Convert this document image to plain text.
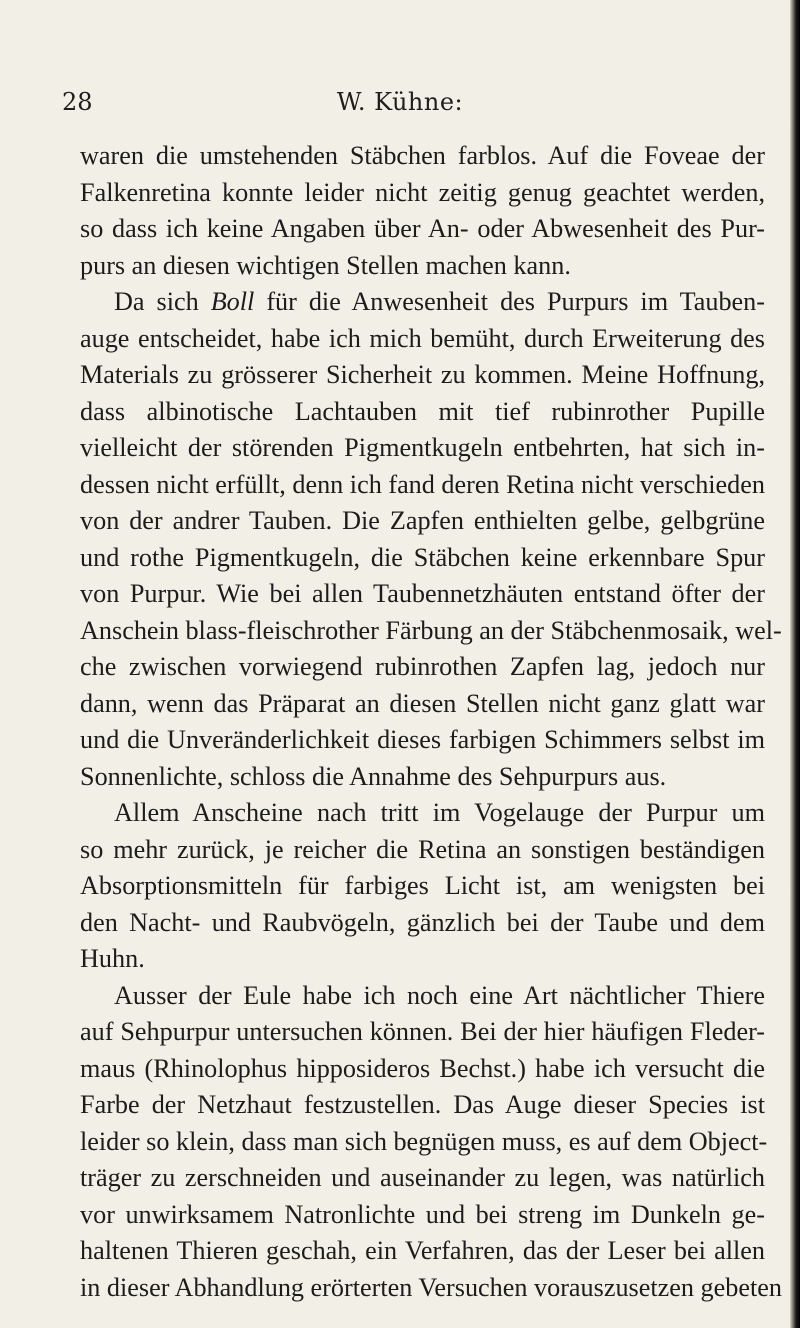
28	W. Kühne:
waren die umstehenden Stäbchen farblos. Auf die Foveae der
Falkenretina konnte leider nicht zeitig genug geachtet werden,
so dass ich keine Angaben über An- oder Abwesenheit des Pur-
purs an diesen wichtigen Stellen machen kann.
Da sich Boll für die Anwesenheit des Purpurs im Tauben-
auge entscheidet, habe ich mich bemüht, durch Erweiterung des
Materials zu grösserer Sicherheit zu kommen. Meine Hoffnung,
dass albinotische Lachtauben mit tief rubinrother Pupille
vielleicht der störenden Pigmentkugeln entbehrten, hat sich in-
dessen nicht erfüllt, denn ich fand deren Retina nicht verschieden
von der andrer Tauben. Die Zapfen enthielten gelbe, gelbgrüne
und rothe Pigmentkugeln, die Stäbchen keine erkennbare Spur
von Purpur. Wie bei allen Taubennetzhäuten entstand öfter der
Anschein blass-fleischrother Färbung an der Stäbchenmosaik, wel-
che zwischen vorwiegend rubinrothen Zapfen lag, jedoch nur
dann, wenn das Präparat an diesen Stellen nicht ganz glatt war
und die Unveränderlichkeit dieses farbigen Schimmers selbst im
Sonnenlichte, schloss die Annahme des Sehpurpurs aus.
Allem Anscheine nach tritt im Vogelauge der Purpur um
so mehr zurück, je reicher die Retina an sonstigen beständigen
Absorptionsmitteln für farbiges Licht ist, am wenigsten bei
den Nacht- und Raubvögeln, gänzlich bei der Taube und dem
Huhn.
Ausser der Eule habe ich noch eine Art nächtlicher Thiere
auf Sehpurpur untersuchen können. Bei der hier häufigen Fleder-
maus (Rhinolophus hipposideros Bechst.) habe ich versucht die
Farbe der Netzhaut festzustellen. Das Auge dieser Species ist
leider so klein, dass man sich begnügen muss, es auf dem Object-
träger zu zerschneiden und auseinander zu legen, was natürlich
vor unwirksamem Natronlichte und bei streng im Dunkeln ge-
haltenen Thieren geschah, ein Verfahren, das der Leser bei allen
in dieser Abhandlung erörterten Versuchen vorauszusetzen gebeten
